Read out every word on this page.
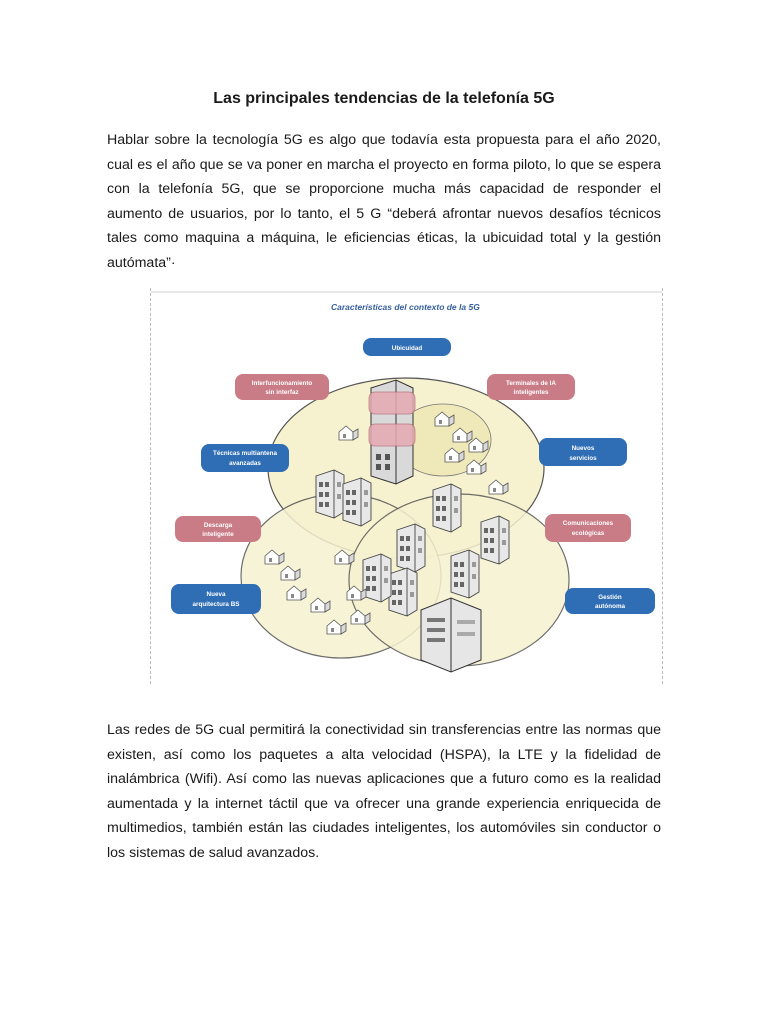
Las principales tendencias de la telefonía 5G

Hablar sobre la tecnología 5G es algo que todavía esta propuesta para el año 2020, cual es el año que se va poner en marcha el proyecto en forma piloto, lo que se espera con la telefonía 5G, que se proporcione mucha más capacidad de responder el aumento de usuarios, por lo tanto, el 5 G “deberá afrontar nuevos desafíos técnicos tales como maquina a máquina, le eficiencias éticas, la ubicuidad total y la gestión autómata”·

Características del contexto de la 5G
Ubicuidad
Interfuncionamiento
sin interfaz
Terminales de IA
inteligentes
Técnicas multiantena
avanzadas
Nuevos
servicios
Descarga
inteligente
Comunicaciones
ecológicas
Nueva
arquitectura BS
Gestión
autónoma

Las redes de 5G cual permitirá la conectividad sin transferencias entre las normas que existen, así como los paquetes a alta velocidad (HSPA), la LTE y la fidelidad de inalámbrica (Wifi). Así como las nuevas aplicaciones que a futuro como es la realidad aumentada y la internet táctil que va ofrecer una grande experiencia enriquecida de multimedios, también están las ciudades inteligentes, los automóviles sin conductor o los sistemas de salud avanzados.
